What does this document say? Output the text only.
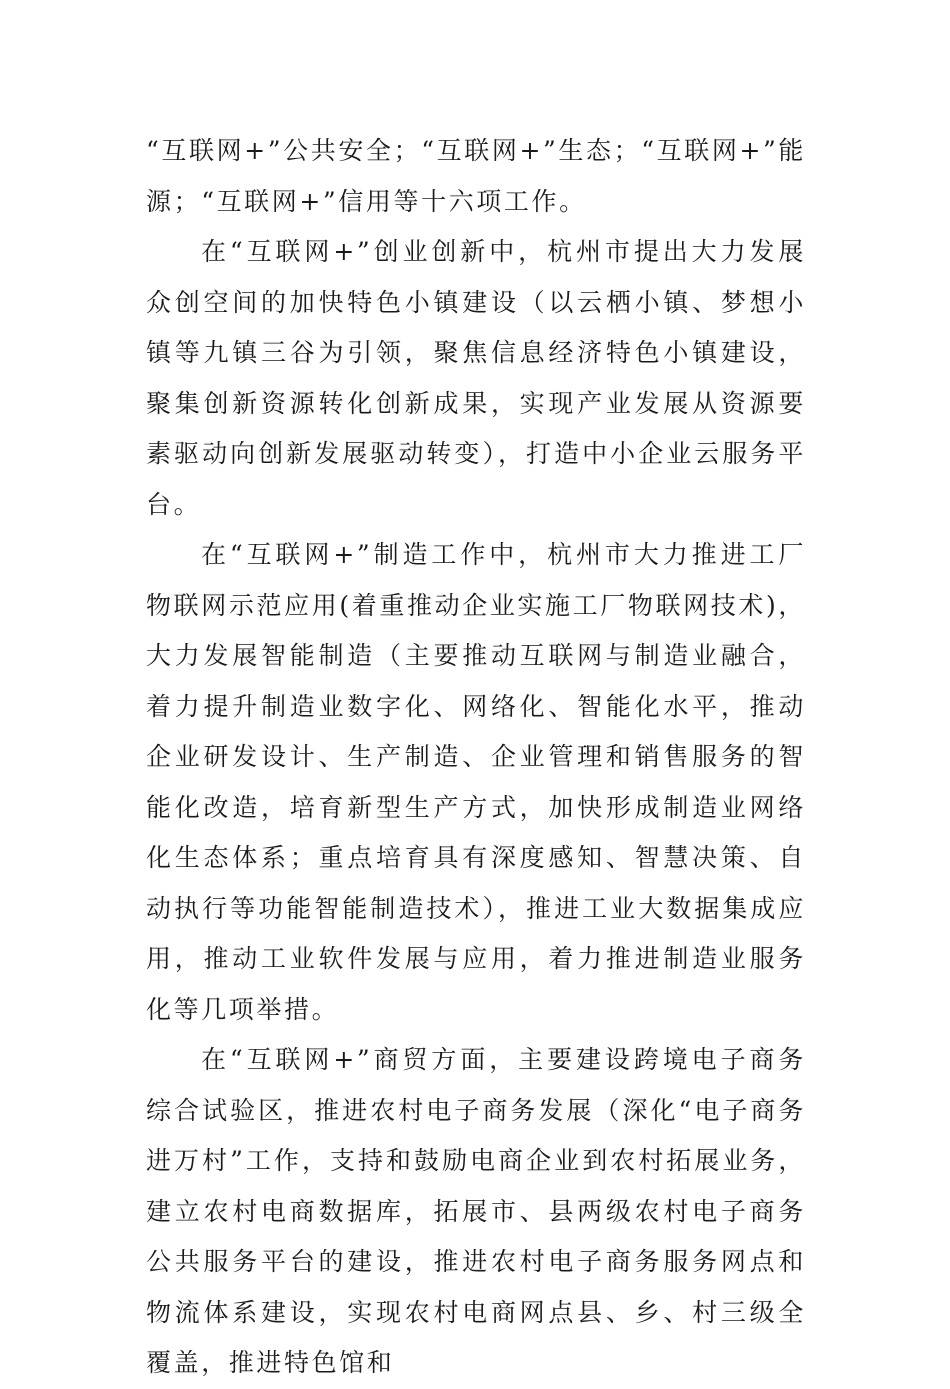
“互联网+”公共安全；“互联网+”生态；“互联网+”能源；“互联网+”信用等十六项工作。

在“互联网+”创业创新中，杭州市提出大力发展众创空间的加快特色小镇建设（以云栖小镇、梦想小镇等九镇三谷为引领，聚焦信息经济特色小镇建设，聚集创新资源转化创新成果，实现产业发展从资源要素驱动向创新发展驱动转变），打造中小企业云服务平台。

在“互联网+”制造工作中，杭州市大力推进工厂物联网示范应用(着重推动企业实施工厂物联网技术)，大力发展智能制造（主要推动互联网与制造业融合，着力提升制造业数字化、网络化、智能化水平，推动企业研发设计、生产制造、企业管理和销售服务的智能化改造，培育新型生产方式，加快形成制造业网络化生态体系；重点培育具有深度感知、智慧决策、自动执行等功能智能制造技术），推进工业大数据集成应用，推动工业软件发展与应用，着力推进制造业服务化等几项举措。

在“互联网+”商贸方面，主要建设跨境电子商务综合试验区，推进农村电子商务发展（深化“电子商务进万村”工作，支持和鼓励电商企业到农村拓展业务，建立农村电商数据库，拓展市、县两级农村电子商务公共服务平台的建设，推进农村电子商务服务网点和物流体系建设，实现农村电商网点县、乡、村三级全覆盖，推进特色馆和
